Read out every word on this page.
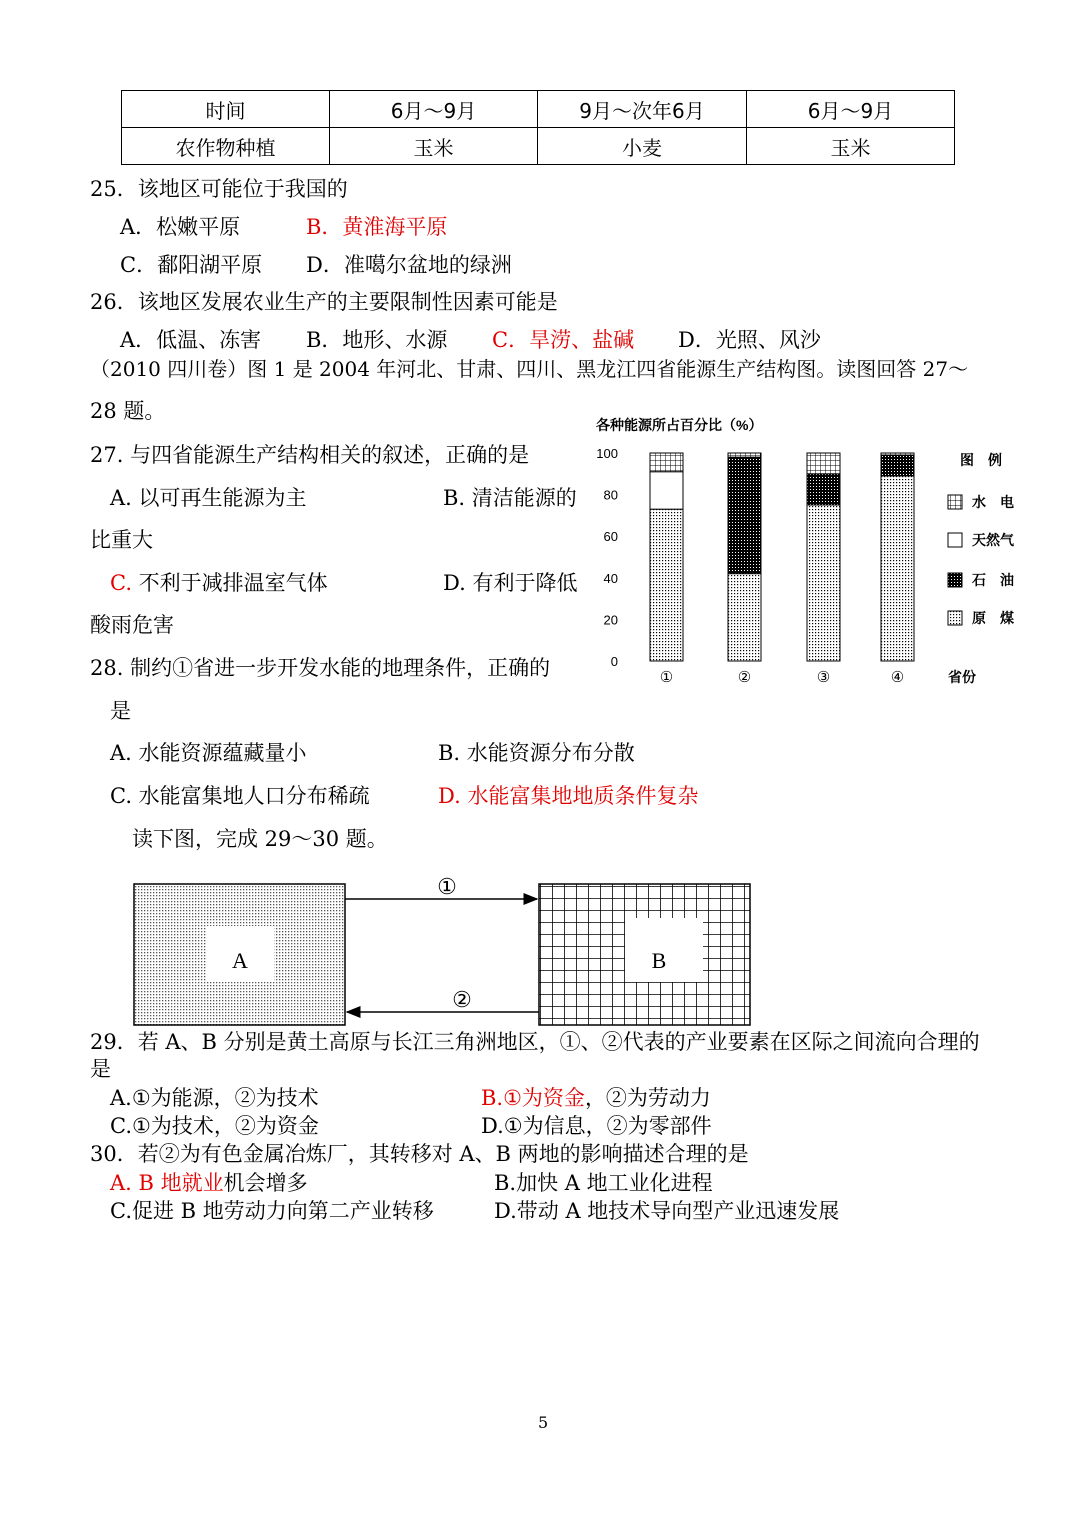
时间	6月～9月	9月～次年6月	6月～9月
农作物种植	玉米	小麦	玉米
25．该地区可能位于我国的
A．松嫩平原	B．黄淮海平原
C．鄱阳湖平原 D．准噶尔盆地的绿洲
26．该地区发展农业生产的主要限制性因素可能是
A．低温、冻害 B．地形、水源 C．旱涝、盐碱 D．光照、风沙
（2010 四川卷）图 1 是 2004 年河北、甘肃、四川、黑龙江四省能源生产结构图。读图回答 27～
28 题。
27. 与四省能源生产结构相关的叙述，正确的是
A. 以可再生能源为主	B. 清洁能源的
比重大
C. 不利于减排温室气体	D. 有利于降低
酸雨危害
28. 制约①省进一步开发水能的地理条件，正确的
是
A. 水能资源蕴藏量小	B. 水能资源分布分散
C. 水能富集地人口分布稀疏	D. 水能富集地地质条件复杂
各种能源所占百分比（%）
0
20
40
60
80
100
①	②	③	④	省份
图　例
水　电
天然气
石　油
原　煤
读下图，完成 29～30 题。
A	B
①
②
29．若 A、B 分别是黄土高原与长江三角洲地区，①、②代表的产业要素在区际之间流向合理的
是
A.①为能源，②为技术	B.①为资金，②为劳动力
C.①为技术，②为资金	D.①为信息，②为零部件
30．若②为有色金属冶炼厂，其转移对 A、B 两地的影响描述合理的是
A. B 地就业机会增多	B.加快 A 地工业化进程
C.促进 B 地劳动力向第二产业转移	D.带动 A 地技术导向型产业迅速发展
5
